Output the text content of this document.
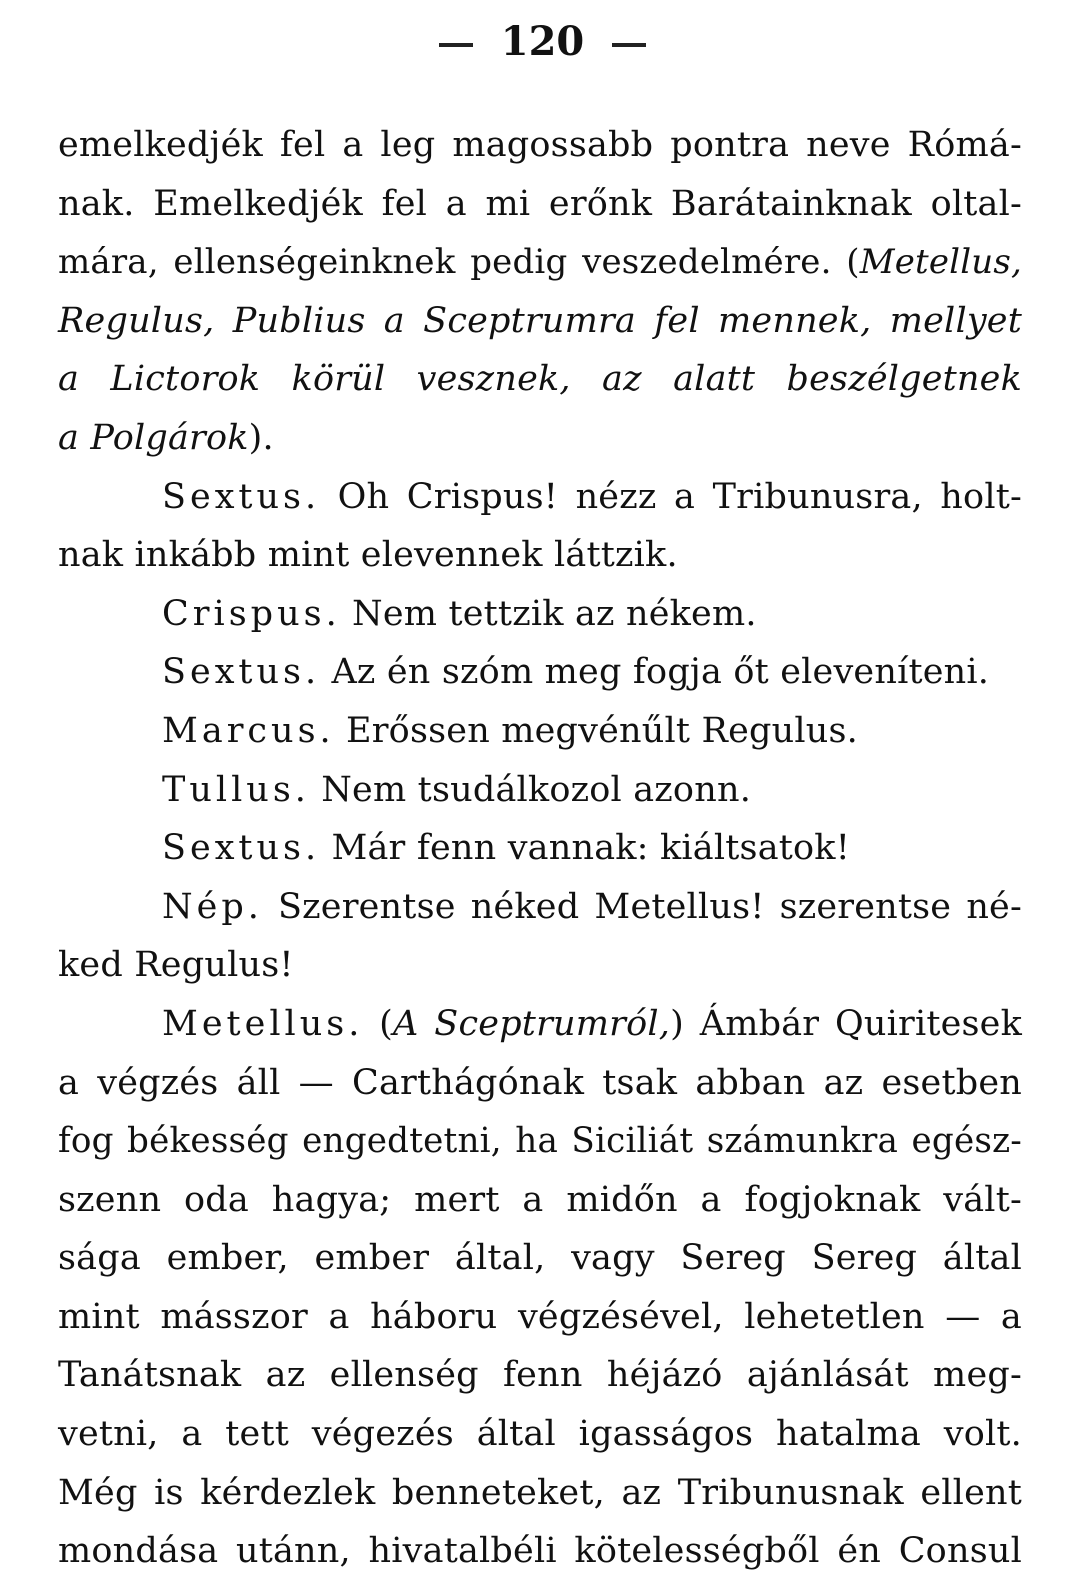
120
emelkedjék fel a leg magossabb pontra neve Rómá-
nak. Emelkedjék fel a mi erőnk Barátainknak oltal-
mára, ellenségeinknek pedig veszedelmére. (Metellus,
Regulus, Publius a Sceptrumra fel mennek, mellyet
a Lictorok körül vesznek, az alatt beszélgetnek
a Polgárok).
Sextus. Oh Crispus! nézz a Tribunusra, holt-
nak inkább mint elevennek láttzik.
Crispus. Nem tettzik az nékem.
Sextus. Az én szóm meg fogja őt eleveníteni.
Marcus. Erőssen megvénűlt Regulus.
Tullus. Nem tsudálkozol azonn.
Sextus. Már fenn vannak: kiáltsatok!
Nép. Szerentse néked Metellus! szerentse né-
ked Regulus!
Metellus. (A Sceptrumról,) Ámbár Quiritesek
a végzés áll — Carthágónak tsak abban az esetben
fog békesség engedtetni, ha Siciliát számunkra egész-
szenn oda hagya; mert a midőn a fogjoknak vált-
sága ember, ember által, vagy Sereg Sereg által
mint másszor a háboru végzésével, lehetetlen — a
Tanátsnak az ellenség fenn héjázó ajánlását meg-
vetni, a tett végezés által igasságos hatalma volt.
Még is kérdezlek benneteket, az Tribunusnak ellent
mondása utánn, hivatalbéli kötelességből én Consul
